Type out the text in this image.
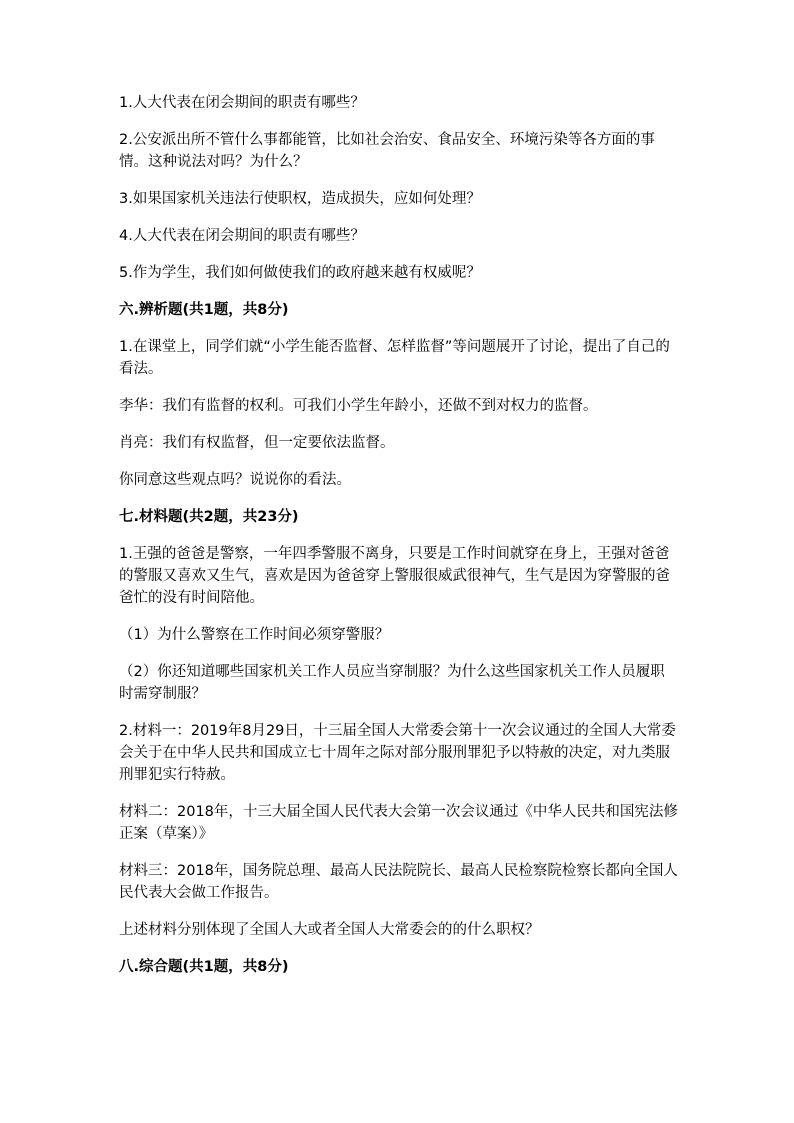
1.人大代表在闭会期间的职责有哪些？

2.公安派出所不管什么事都能管，比如社会治安、食品安全、环境污染等各方面的事情。这种说法对吗？为什么？

3.如果国家机关违法行使职权，造成损失，应如何处理？

4.人大代表在闭会期间的职责有哪些？

5.作为学生，我们如何做使我们的政府越来越有权威呢？

六.辨析题(共1题，共8分)

1.在课堂上，同学们就“小学生能否监督、怎样监督”等问题展开了讨论，提出了自己的看法。

李华：我们有监督的权利。可我们小学生年龄小，还做不到对权力的监督。

肖亮：我们有权监督，但一定要依法监督。

你同意这些观点吗？说说你的看法。

七.材料题(共2题，共23分)

1.王强的爸爸是警察，一年四季警服不离身，只要是工作时间就穿在身上，王强对爸爸的警服又喜欢又生气，喜欢是因为爸爸穿上警服很威武很神气，生气是因为穿警服的爸爸忙的没有时间陪他。

（1）为什么警察在工作时间必须穿警服？

（2）你还知道哪些国家机关工作人员应当穿制服？为什么这些国家机关工作人员履职时需穿制服？

2.材料一：2019年8月29日，十三届全国人大常委会第十一次会议通过的全国人大常委会关于在中华人民共和国成立七十周年之际对部分服刑罪犯予以特赦的决定，对九类服刑罪犯实行特赦。

材料二：2018年，十三大届全国人民代表大会第一次会议通过《中华人民共和国宪法修正案（草案）》

材料三：2018年，国务院总理、最高人民法院院长、最高人民检察院检察长都向全国人民代表大会做工作报告。

上述材料分别体现了全国人大或者全国人大常委会的的什么职权？

八.综合题(共1题，共8分)
